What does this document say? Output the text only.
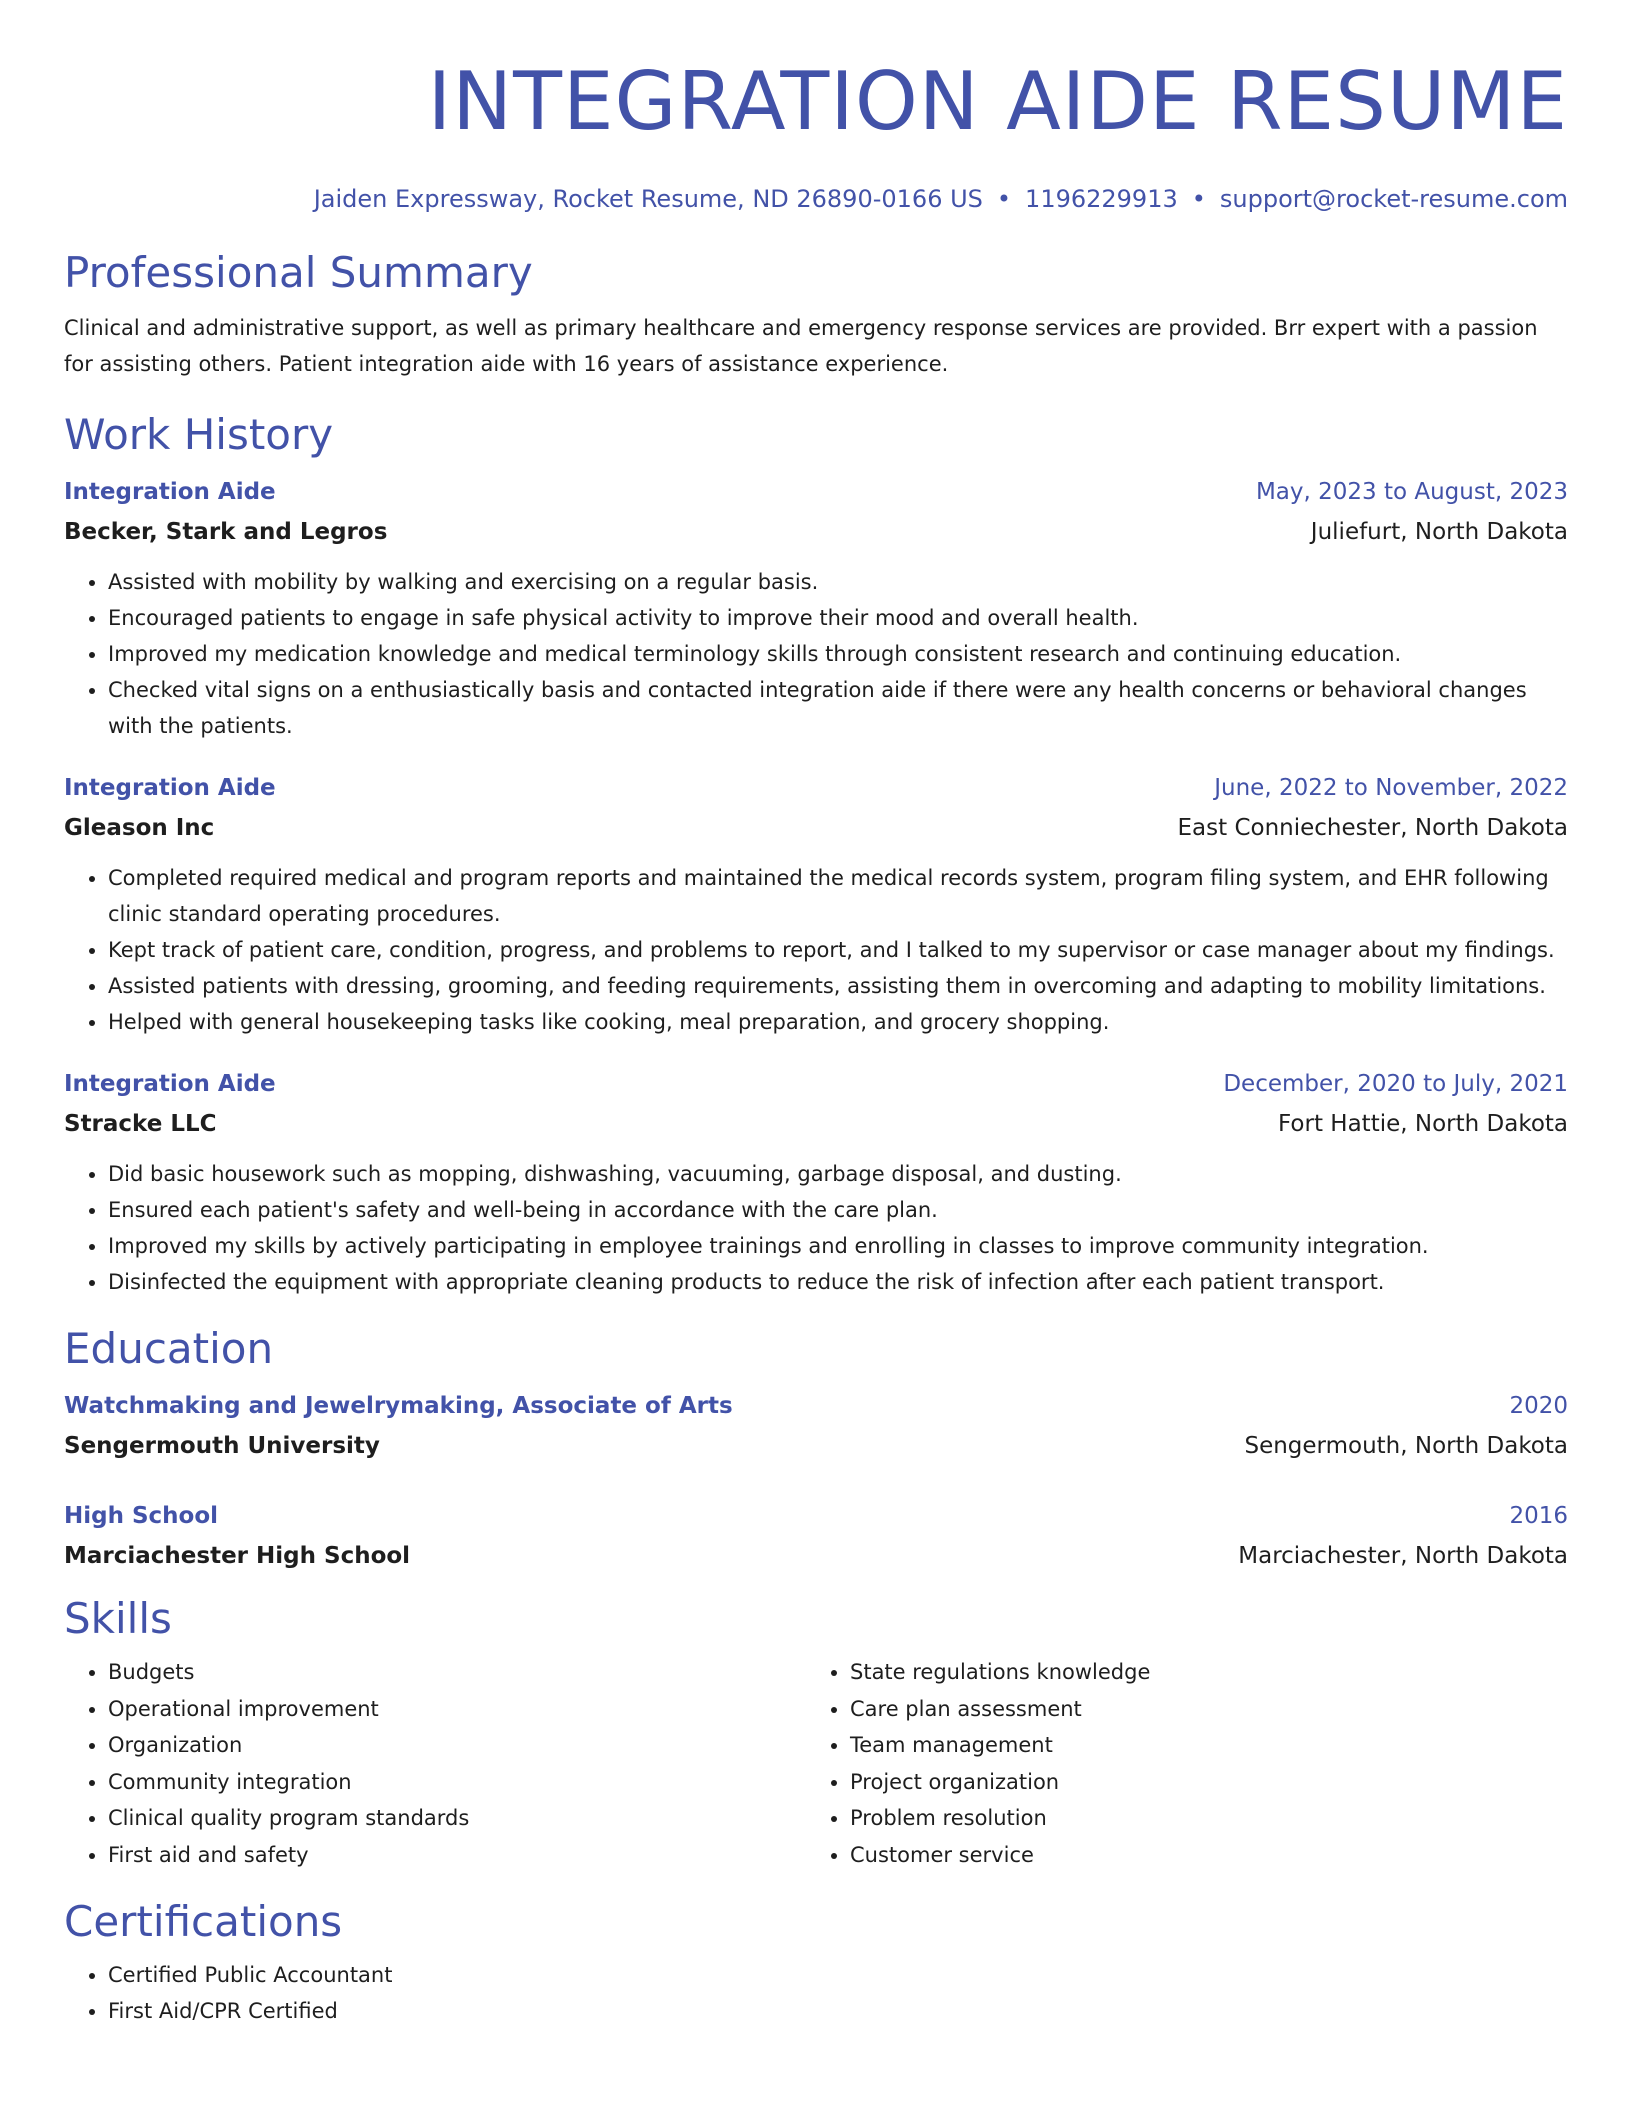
INTEGRATION AIDE RESUME
Jaiden Expressway, Rocket Resume, ND 26890-0166 US • 1196229913 • support@rocket-resume.com
Professional Summary

Clinical and administrative support, as well as primary healthcare and emergency response services are provided. Brr expert with a passion for assisting others. Patient integration aide with 16 years of assistance experience.

Work History
Integration Aide	May, 2023 to August, 2023
Becker, Stark and Legros	Juliefurt, North Dakota
• Assisted with mobility by walking and exercising on a regular basis.
• Encouraged patients to engage in safe physical activity to improve their mood and overall health.
• Improved my medication knowledge and medical terminology skills through consistent research and continuing education.
• Checked vital signs on a enthusiastically basis and contacted integration aide if there were any health concerns or behavioral changes with the patients.
Integration Aide	June, 2022 to November, 2022
Gleason Inc	East Conniechester, North Dakota
• Completed required medical and program reports and maintained the medical records system, program filing system, and EHR following clinic standard operating procedures.
• Kept track of patient care, condition, progress, and problems to report, and I talked to my supervisor or case manager about my findings.
• Assisted patients with dressing, grooming, and feeding requirements, assisting them in overcoming and adapting to mobility limitations.
• Helped with general housekeeping tasks like cooking, meal preparation, and grocery shopping.
Integration Aide	December, 2020 to July, 2021
Stracke LLC	Fort Hattie, North Dakota
• Did basic housework such as mopping, dishwashing, vacuuming, garbage disposal, and dusting.
• Ensured each patient's safety and well-being in accordance with the care plan.
• Improved my skills by actively participating in employee trainings and enrolling in classes to improve community integration.
• Disinfected the equipment with appropriate cleaning products to reduce the risk of infection after each patient transport.
Education
Watchmaking and Jewelrymaking, Associate of Arts	2020
Sengermouth University	Sengermouth, North Dakota
High School	2016
Marciachester High School	Marciachester, North Dakota
Skills
• Budgets
• Operational improvement
• Organization
• Community integration
• Clinical quality program standards
• First aid and safety
• State regulations knowledge
• Care plan assessment
• Team management
• Project organization
• Problem resolution
• Customer service
Certifications
• Certified Public Accountant
• First Aid/CPR Certified
